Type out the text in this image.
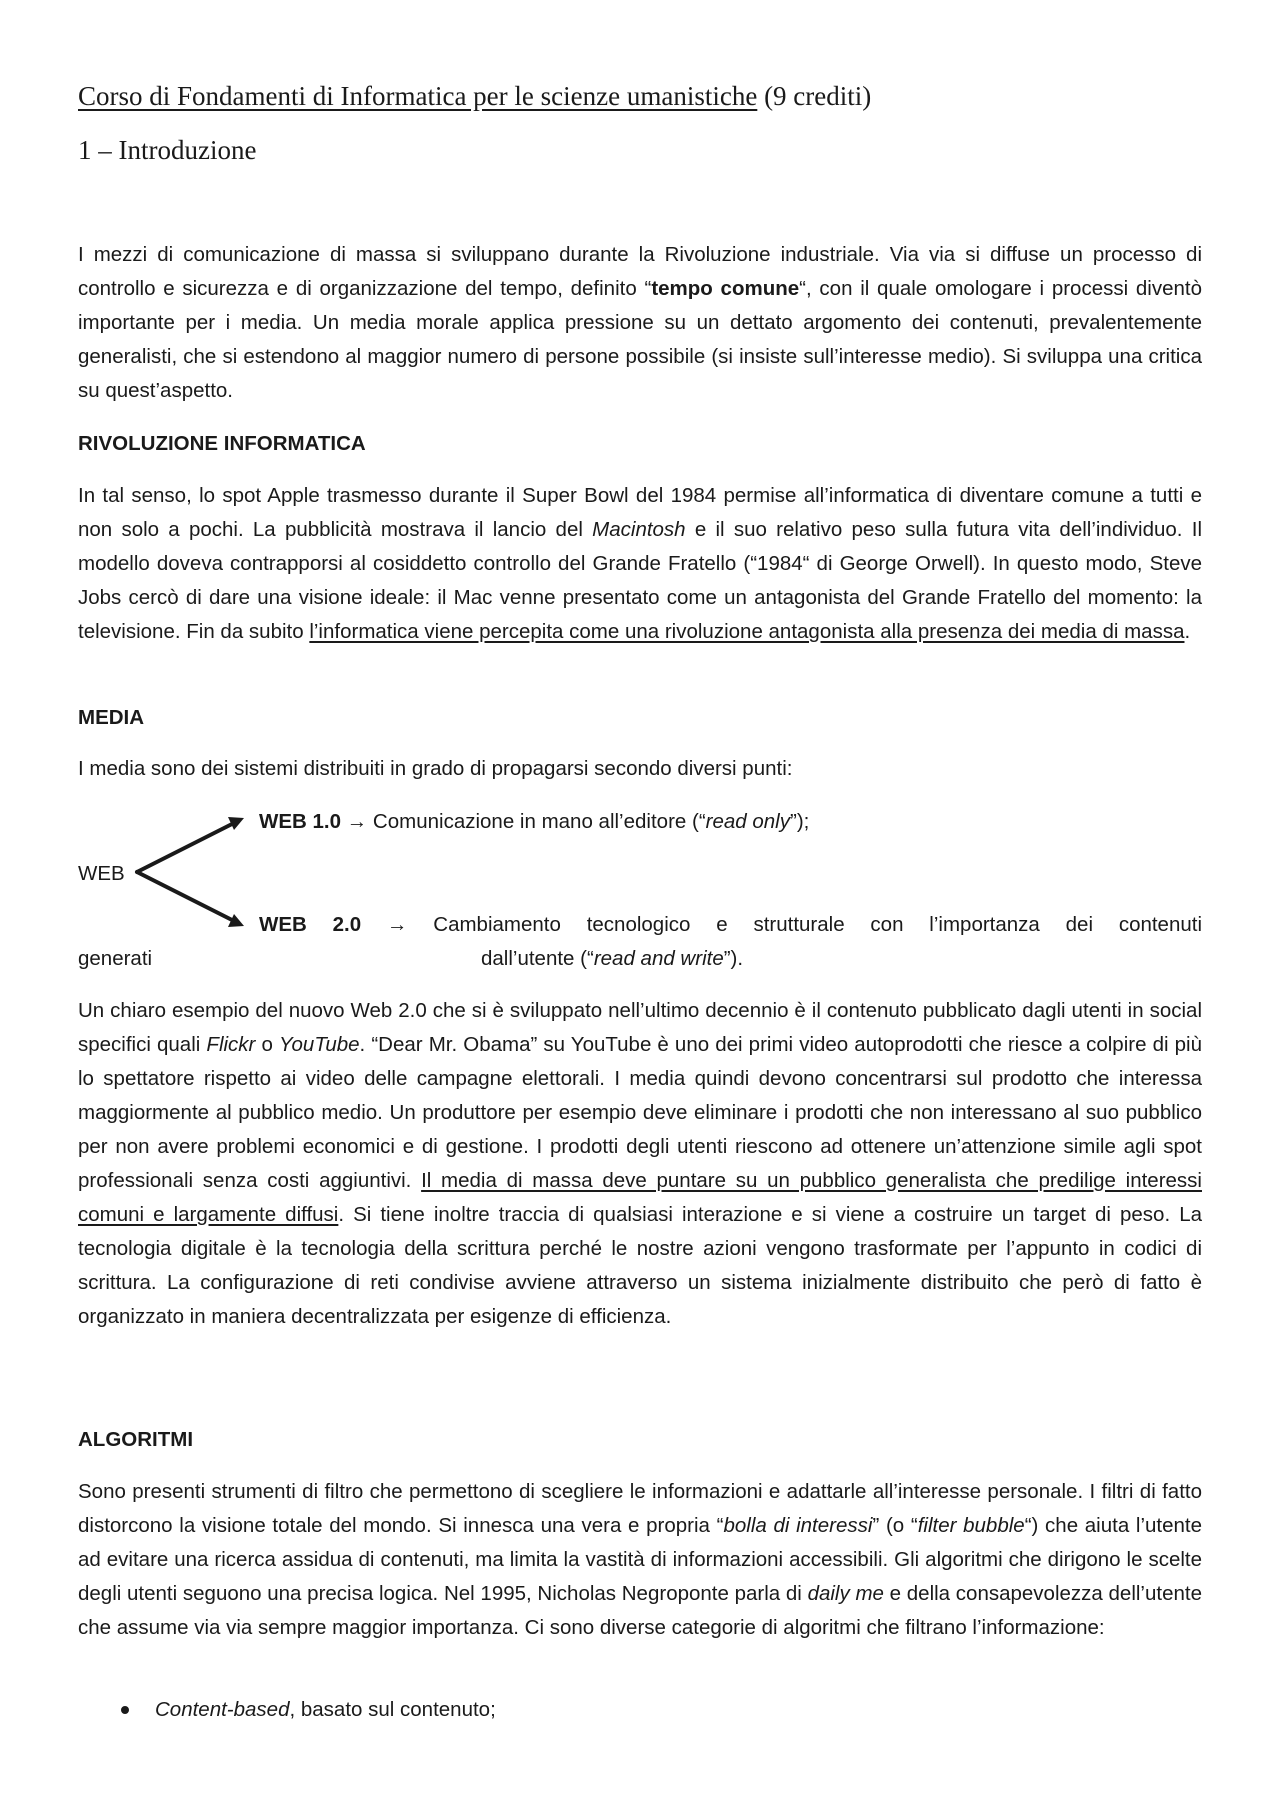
Corso di Fondamenti di Informatica per le scienze umanistiche (9 crediti)
1 – Introduzione

I mezzi di comunicazione di massa si sviluppano durante la Rivoluzione industriale. Via via si diffuse un processo di controllo e sicurezza e di organizzazione del tempo, definito “tempo comune“, con il quale omologare i processi diventò importante per i media. Un media morale applica pressione su un dettato argomento dei contenuti, prevalentemente generalisti, che si estendono al maggior numero di persone possibile (si insiste sull’interesse medio). Si sviluppa una critica su quest’aspetto.

RIVOLUZIONE INFORMATICA

In tal senso, lo spot Apple trasmesso durante il Super Bowl del 1984 permise all’informatica di diventare comune a tutti e non solo a pochi. La pubblicità mostrava il lancio del Macintosh e il suo relativo peso sulla futura vita dell’individuo. Il modello doveva contrapporsi al cosiddetto controllo del Grande Fratello (“1984“ di George Orwell). In questo modo, Steve Jobs cercò di dare una visione ideale: il Mac venne presentato come un antagonista del Grande Fratello del momento: la televisione. Fin da subito l’informatica viene percepita come una rivoluzione antagonista alla presenza dei media di massa.

MEDIA

I media sono dei sistemi distribuiti in grado di propagarsi secondo diversi punti:

WEB
WEB 1.0 → Comunicazione in mano all’editore (“read only”);
WEB 2.0 → Cambiamento tecnologico e strutturale con l’importanza dei contenuti
generati	dall’utente (“read and write”).

Un chiaro esempio del nuovo Web 2.0 che si è sviluppato nell’ultimo decennio è il contenuto pubblicato dagli utenti in social specifici quali Flickr o YouTube. “Dear Mr. Obama” su YouTube è uno dei primi video autoprodotti che riesce a colpire di più lo spettatore rispetto ai video delle campagne elettorali. I media quindi devono concentrarsi sul prodotto che interessa maggiormente al pubblico medio. Un produttore per esempio deve eliminare i prodotti che non interessano al suo pubblico per non avere problemi economici e di gestione. I prodotti degli utenti riescono ad ottenere un’attenzione simile agli spot professionali senza costi aggiuntivi. Il media di massa deve puntare su un pubblico generalista che predilige interessi comuni e largamente diffusi. Si tiene inoltre traccia di qualsiasi interazione e si viene a costruire un target di peso. La tecnologia digitale è la tecnologia della scrittura perché le nostre azioni vengono trasformate per l’appunto in codici di scrittura. La configurazione di reti condivise avviene attraverso un sistema inizialmente distribuito che però di fatto è organizzato in maniera decentralizzata per esigenze di efficienza.

ALGORITMI

Sono presenti strumenti di filtro che permettono di scegliere le informazioni e adattarle all’interesse personale. I filtri di fatto distorcono la visione totale del mondo. Si innesca una vera e propria “bolla di interessi” (o “filter bubble“) che aiuta l’utente ad evitare una ricerca assidua di contenuti, ma limita la vastità di informazioni accessibili. Gli algoritmi che dirigono le scelte degli utenti seguono una precisa logica. Nel 1995, Nicholas Negroponte parla di daily me e della consapevolezza dell’utente che assume via via sempre maggior importanza. Ci sono diverse categorie di algoritmi che filtrano l’informazione:

Content-based, basato sul contenuto;
